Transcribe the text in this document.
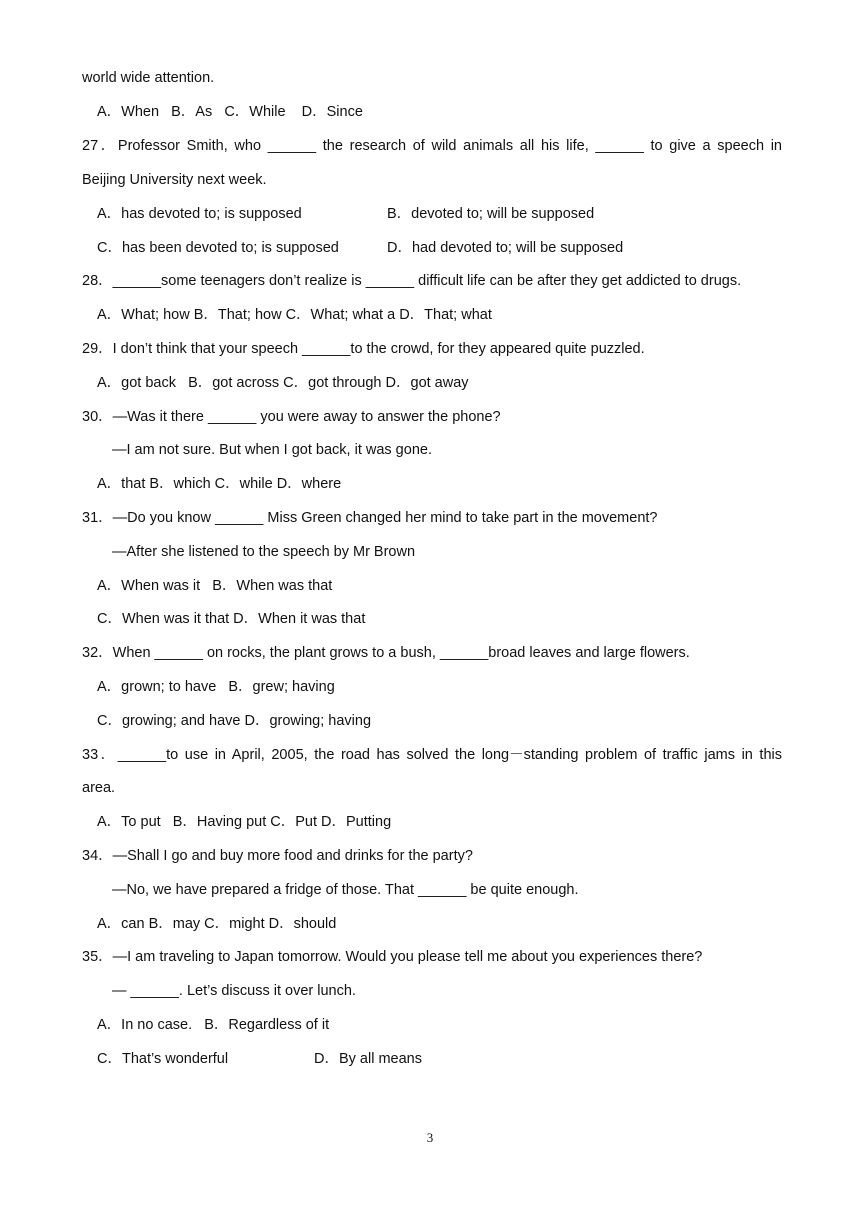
world wide attention.
A．When   B．As   C．While    D．Since
27．Professor Smith, who ______ the research of wild animals all his life, ______ to give a speech in
Beijing University next week.
A．has devoted to; is supposed	B．devoted to; will be supposed
C．has been devoted to; is supposed	D．had devoted to; will be supposed
28．______some teenagers don’t realize is ______ difficult life can be after they get addicted to drugs.
A．What; how B．That; how C．What; what a D．That; what
29．I don’t think that your speech ______to the crowd, for they appeared quite puzzled.
A．got back   B．got across C．got through D．got away
30．—Was it there ______ you were away to answer the phone?
—I am not sure. But when I got back, it was gone.
A．that B．which C．while D．where
31．—Do you know ______ Miss Green changed her mind to take part in the movement?
—After she listened to the speech by Mr Brown
A．When was it   B．When was that
C．When was it that D．When it was that
32．When ______ on rocks, the plant grows to a bush, ______broad leaves and large flowers.
A．grown; to have   B．grew; having
C．growing; and have D．growing; having
33．______to use in April, 2005, the road has solved the long－standing problem of traffic jams in this
area.
A．To put   B．Having put C．Put D．Putting
34．—Shall I go and buy more food and drinks for the party?
—No, we have prepared a fridge of those. That ______ be quite enough.
A．can B．may C．might D．should
35．—I am traveling to Japan tomorrow. Would you please tell me about you experiences there?
— ______. Let’s discuss it over lunch.
A．In no case.   B．Regardless of it
C．That’s wonderful	D．By all means
3
